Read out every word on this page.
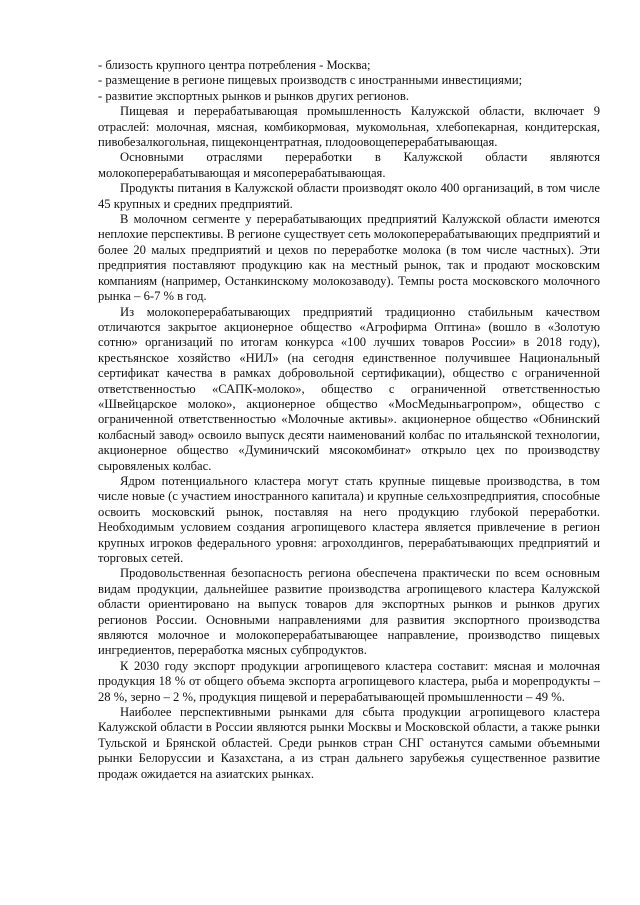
- близость крупного центра потребления - Москва;

- размещение в регионе пищевых производств с иностранными инвестициями;

- развитие экспортных рынков и рынков других регионов.

Пищевая и перерабатывающая промышленность Калужской области, включает 9 отраслей: молочная, мясная, комбикормовая, мукомольная, хлебопекарная, кондитерская, пивобезалкогольная, пищеконцентратная, плодоовощеперерабатывающая.

Основными отраслями переработки в Калужской области являются молокоперерабатывающая и мясоперерабатывающая.

Продукты питания в Калужской области производят около 400 организаций, в том числе 45 крупных и средних предприятий.

В молочном сегменте у перерабатывающих предприятий Калужской области имеются неплохие перспективы. В регионе существует сеть молокоперерабатывающих предприятий и более 20 малых предприятий и цехов по переработке молока (в том числе частных). Эти предприятия поставляют продукцию как на местный рынок, так и продают московским компаниям (например, Останкинскому молокозаводу). Темпы роста московского молочного рынка – 6-7 % в год.

Из молокоперерабатывающих предприятий традиционно стабильным качеством отличаются закрытое акционерное общество «Агрофирма Оптина» (вошло в «Золотую сотню» организаций по итогам конкурса «100 лучших товаров России» в 2018 году), крестьянское хозяйство «НИЛ» (на сегодня единственное получившее Национальный сертификат качества в рамках добровольной сертификации), общество с ограниченной ответственностью «САПК-молоко», общество с ограниченной ответственностью «Швейцарское молоко», акционерное общество «МосМедыньагропром», общество с ограниченной ответственностью «Молочные активы». акционерное общество «Обнинский колбасный завод» освоило выпуск десяти наименований колбас по итальянской технологии, акционерное общество «Думиничский мясокомбинат» открыло цех по производству сыровяленых колбас.

Ядром потенциального кластера могут стать крупные пищевые производства, в том числе новые (с участием иностранного капитала) и крупные сельхозпредприятия, способные освоить московский рынок, поставляя на него продукцию глубокой переработки. Необходимым условием создания агропищевого кластера является привлечение в регион крупных игроков федерального уровня: агрохолдингов, перерабатывающих предприятий и торговых сетей.

Продовольственная безопасность региона обеспечена практически по всем основным видам продукции, дальнейшее развитие производства агропищевого кластера Калужской области ориентировано на выпуск товаров для экспортных рынков и рынков других регионов России. Основными направлениями для развития экспортного производства являются молочное и молокоперерабатывающее направление, производство пищевых ингредиентов, переработка мясных субпродуктов.

К 2030 году экспорт продукции агропищевого кластера составит: мясная и молочная продукция 18 % от общего объема экспорта агропищевого кластера, рыба и морепродукты – 28 %, зерно – 2 %, продукция пищевой и перерабатывающей промышленности – 49 %.

Наиболее перспективными рынками для сбыта продукции агропищевого кластера Калужской области в России являются рынки Москвы и Московской области, а также рынки Тульской и Брянской областей. Среди рынков стран СНГ останутся самыми объемными рынки Белоруссии и Казахстана, а из стран дальнего зарубежья существенное развитие продаж ожидается на азиатских рынках.
